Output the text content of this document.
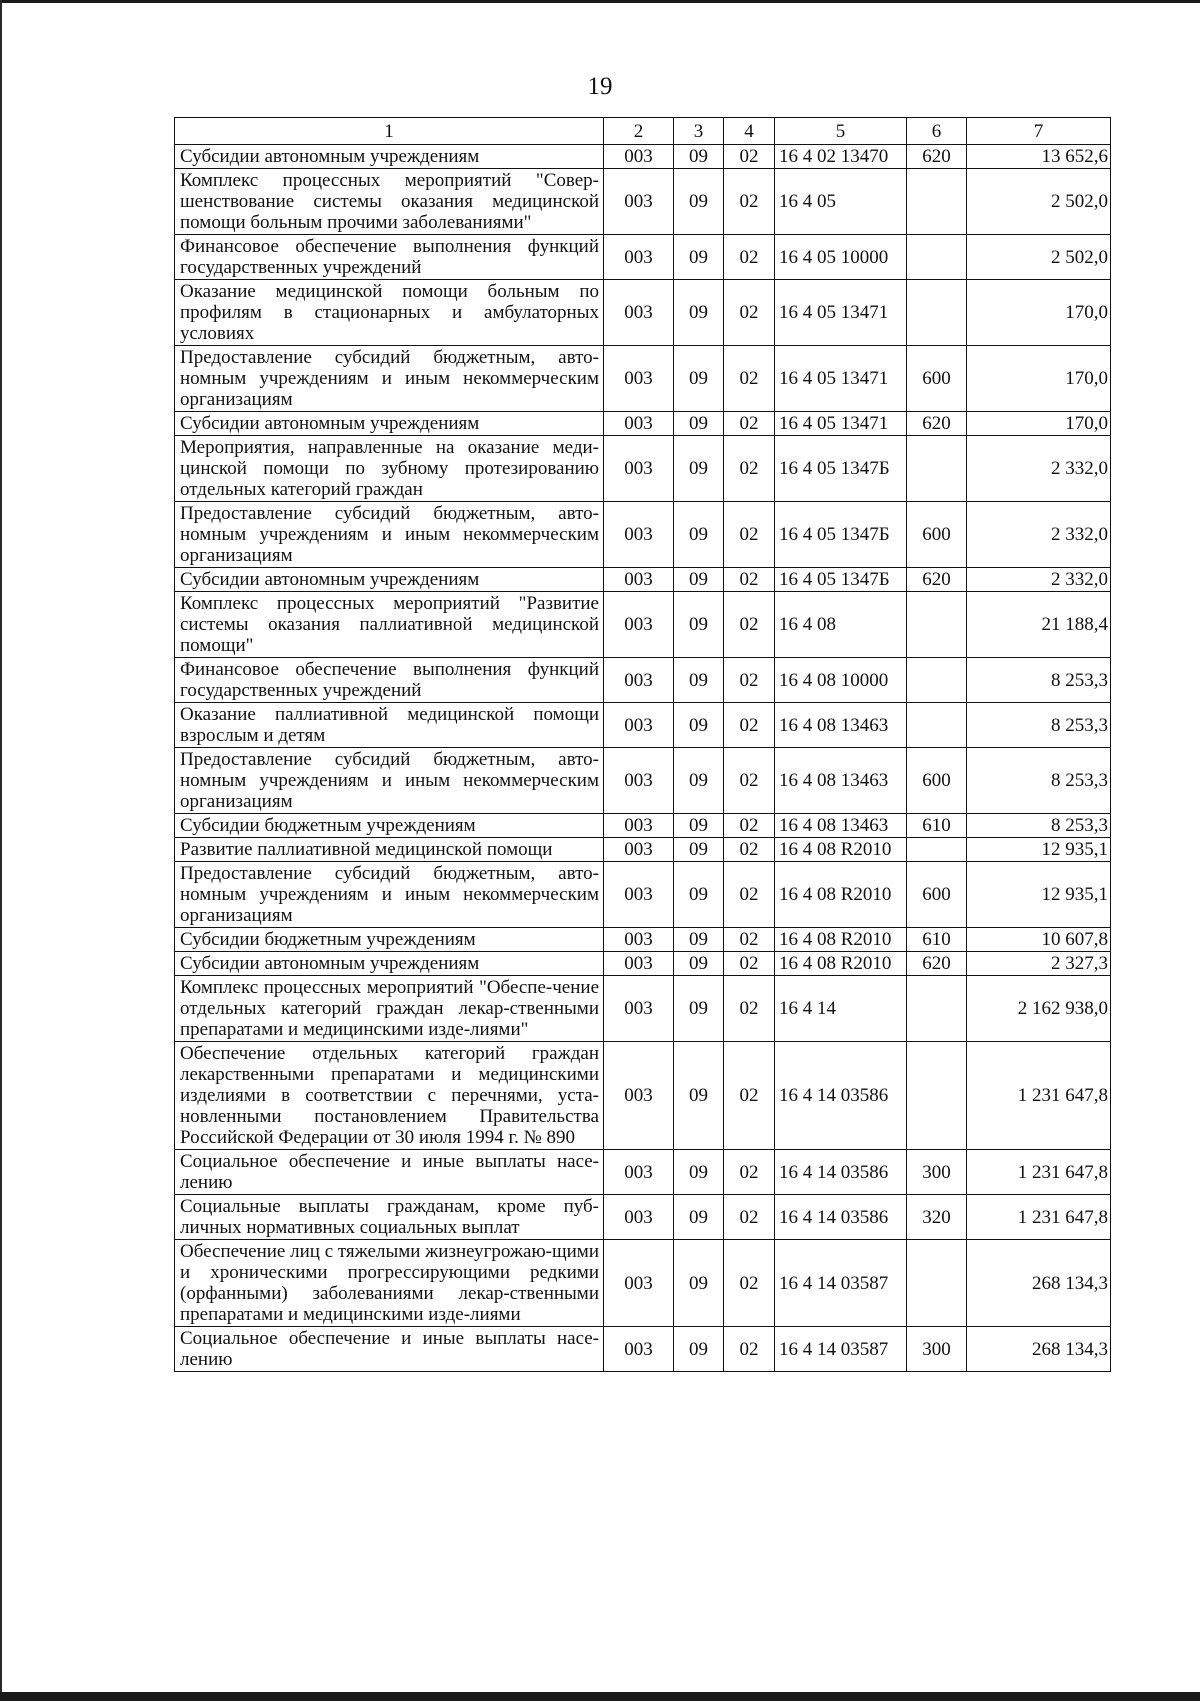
19
1	2	3	4	5	6	7
Субсидии автономным учреждениям	003	09	02	16 4 02 13470	620	13 652,6
Комплекс процессных мероприятий "Совер-шенствование системы оказания медицинской помощи больным прочими заболеваниями"	003	09	02	16 4 05		2 502,0
Финансовое обеспечение выполнения функций государственных учреждений	003	09	02	16 4 05 10000		2 502,0
Оказание медицинской помощи больным по профилям в стационарных и амбулаторных условиях	003	09	02	16 4 05 13471		170,0
Предоставление субсидий бюджетным, авто-номным учреждениям и иным некоммерческим организациям	003	09	02	16 4 05 13471	600	170,0
Субсидии автономным учреждениям	003	09	02	16 4 05 13471	620	170,0
Мероприятия, направленные на оказание меди-цинской помощи по зубному протезированию отдельных категорий граждан	003	09	02	16 4 05 1347Б		2 332,0
Предоставление субсидий бюджетным, авто-номным учреждениям и иным некоммерческим организациям	003	09	02	16 4 05 1347Б	600	2 332,0
Субсидии автономным учреждениям	003	09	02	16 4 05 1347Б	620	2 332,0
Комплекс процессных мероприятий "Развитие системы оказания паллиативной медицинской помощи"	003	09	02	16 4 08		21 188,4
Финансовое обеспечение выполнения функций государственных учреждений	003	09	02	16 4 08 10000		8 253,3
Оказание паллиативной медицинской помощи взрослым и детям	003	09	02	16 4 08 13463		8 253,3
Предоставление субсидий бюджетным, авто-номным учреждениям и иным некоммерческим организациям	003	09	02	16 4 08 13463	600	8 253,3
Субсидии бюджетным учреждениям	003	09	02	16 4 08 13463	610	8 253,3
Развитие паллиативной медицинской помощи	003	09	02	16 4 08 R2010		12 935,1
Предоставление субсидий бюджетным, авто-номным учреждениям и иным некоммерческим организациям	003	09	02	16 4 08 R2010	600	12 935,1
Субсидии бюджетным учреждениям	003	09	02	16 4 08 R2010	610	10 607,8
Субсидии автономным учреждениям	003	09	02	16 4 08 R2010	620	2 327,3
Комплекс процессных мероприятий "Обеспе-чение отдельных категорий граждан лекар-ственными препаратами и медицинскими изде-лиями"	003	09	02	16 4 14		2 162 938,0
Обеспечение отдельных категорий граждан лекарственными препаратами и медицинскими изделиями в соответствии с перечнями, уста-новленными постановлением Правительства Российской Федерации от 30 июля 1994 г. № 890	003	09	02	16 4 14 03586		1 231 647,8
Социальное обеспечение и иные выплаты насе-лению	003	09	02	16 4 14 03586	300	1 231 647,8
Социальные выплаты гражданам, кроме пуб-личных нормативных социальных выплат	003	09	02	16 4 14 03586	320	1 231 647,8
Обеспечение лиц с тяжелыми жизнеугрожаю-щими и хроническими прогрессирующими редкими (орфанными) заболеваниями лекар-ственными препаратами и медицинскими изде-лиями	003	09	02	16 4 14 03587		268 134,3
Социальное обеспечение и иные выплаты насе-лению	003	09	02	16 4 14 03587	300	268 134,3
